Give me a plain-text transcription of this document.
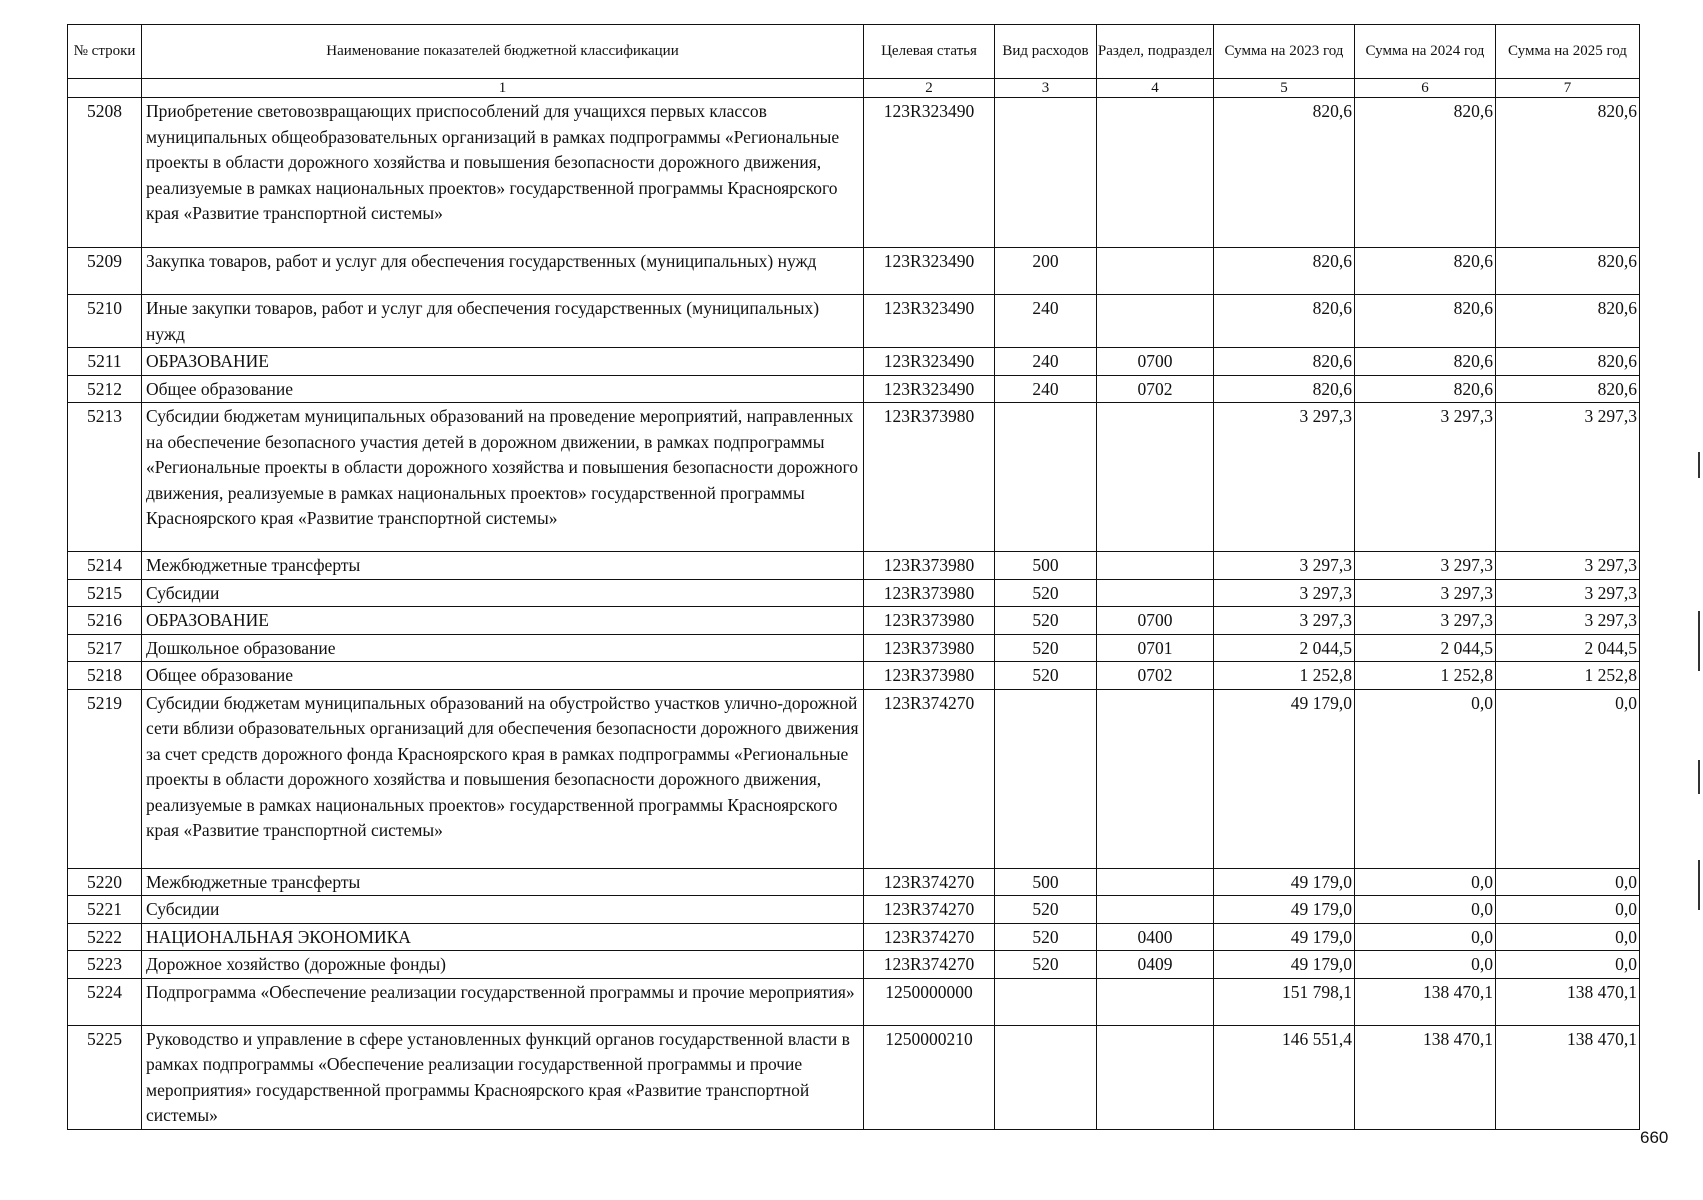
№ строки	Наименование показателей бюджетной классификации	Целевая статья	Вид расходов	Раздел, подраздел	Сумма на 2023 год	Сумма на 2024 год	Сумма на 2025 год
	1	2	3	4	5	6	7
5208	Приобретение световозвращающих приспособлений для учащихся первых классов муниципальных общеобразовательных организаций в рамках подпрограммы «Региональные проекты в области дорожного хозяйства и повышения безопасности дорожного движения, реализуемые в рамках национальных проектов» государственной программы Красноярского края «Развитие транспортной системы»	123R323490			820,6	820,6	820,6
5209	Закупка товаров, работ и услуг для обеспечения государственных (муниципальных) нужд	123R323490	200		820,6	820,6	820,6
5210	Иные закупки товаров, работ и услуг для обеспечения государственных (муниципальных) нужд	123R323490	240		820,6	820,6	820,6
5211	ОБРАЗОВАНИЕ	123R323490	240	0700	820,6	820,6	820,6
5212	Общее образование	123R323490	240	0702	820,6	820,6	820,6
5213	Субсидии бюджетам муниципальных образований на проведение мероприятий, направленных на обеспечение безопасного участия детей в дорожном движении, в рамках подпрограммы «Региональные проекты в области дорожного хозяйства и повышения безопасности дорожного движения, реализуемые в рамках национальных проектов» государственной программы Красноярского края «Развитие транспортной системы»	123R373980			3 297,3	3 297,3	3 297,3
5214	Межбюджетные трансферты	123R373980	500		3 297,3	3 297,3	3 297,3
5215	Субсидии	123R373980	520		3 297,3	3 297,3	3 297,3
5216	ОБРАЗОВАНИЕ	123R373980	520	0700	3 297,3	3 297,3	3 297,3
5217	Дошкольное образование	123R373980	520	0701	2 044,5	2 044,5	2 044,5
5218	Общее образование	123R373980	520	0702	1 252,8	1 252,8	1 252,8
5219	Субсидии бюджетам муниципальных образований на обустройство участков улично-дорожной сети вблизи образовательных организаций для обеспечения безопасности дорожного движения за счет средств дорожного фонда Красноярского края в рамках подпрограммы «Региональные проекты в области дорожного хозяйства и повышения безопасности дорожного движения, реализуемые в рамках национальных проектов» государственной программы Красноярского края «Развитие транспортной системы»	123R374270			49 179,0	0,0	0,0
5220	Межбюджетные трансферты	123R374270	500		49 179,0	0,0	0,0
5221	Субсидии	123R374270	520		49 179,0	0,0	0,0
5222	НАЦИОНАЛЬНАЯ ЭКОНОМИКА	123R374270	520	0400	49 179,0	0,0	0,0
5223	Дорожное хозяйство (дорожные фонды)	123R374270	520	0409	49 179,0	0,0	0,0
5224	Подпрограмма «Обеспечение реализации государственной программы и прочие мероприятия»	1250000000			151 798,1	138 470,1	138 470,1
5225	Руководство и управление в сфере установленных функций органов государственной власти в рамках подпрограммы «Обеспечение реализации государственной программы и прочие мероприятия» государственной программы Красноярского края «Развитие транспортной системы»	1250000210			146 551,4	138 470,1	138 470,1
660
